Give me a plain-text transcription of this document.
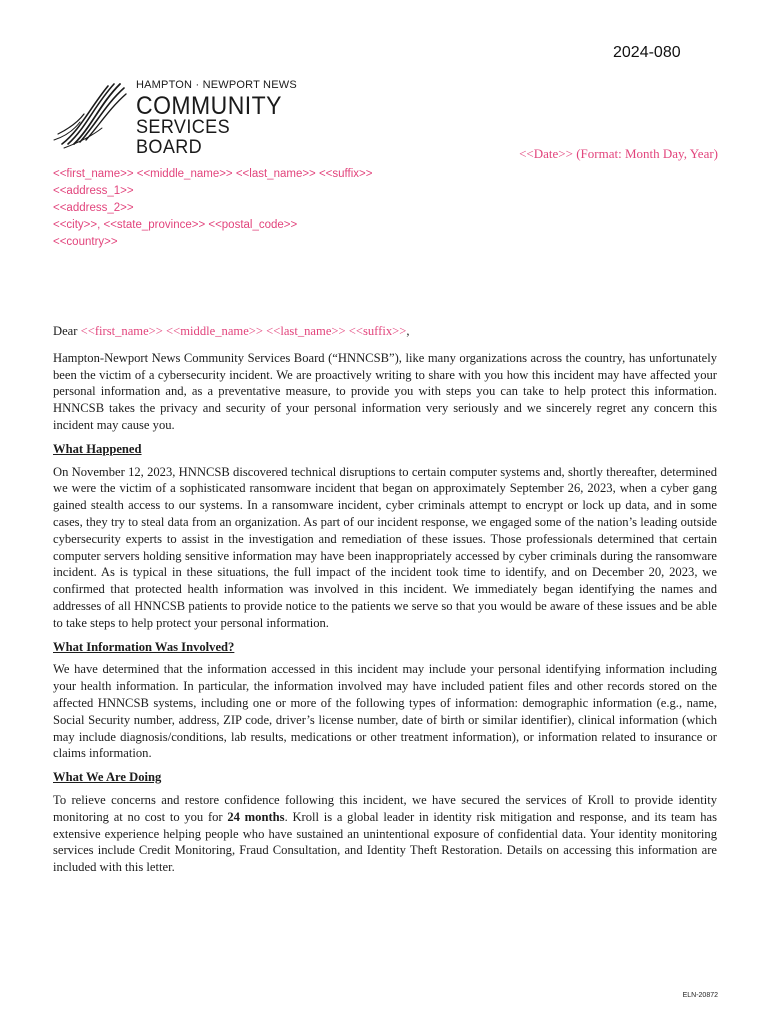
2024-080
HAMPTON · NEWPORT NEWS
COMMUNITY
SERVICES BOARD	<<Date>> (Format: Month Day, Year)
<<first_name>> <<middle_name>> <<last_name>> <<suffix>>
<<address_1>>
<<address_2>>
<<city>>, <<state_province>> <<postal_code>>
<<country>>

Dear <<first_name>> <<middle_name>> <<last_name>> <<suffix>>,

Hampton-Newport News Community Services Board (“HNNCSB”), like many organizations across the country, has unfortunately been the victim of a cybersecurity incident. We are proactively writing to share with you how this incident may have affected your personal information and, as a preventative measure, to provide you with steps you can take to help protect this information. HNNCSB takes the privacy and security of your personal information very seriously and we sincerely regret any concern this incident may cause you.

What Happened

On November 12, 2023, HNNCSB discovered technical disruptions to certain computer systems and, shortly thereafter, determined we were the victim of a sophisticated ransomware incident that began on approximately September 26, 2023, when a cyber gang gained stealth access to our systems. In a ransomware incident, cyber criminals attempt to encrypt or lock up data, and in some cases, they try to steal data from an organization. As part of our incident response, we engaged some of the nation’s leading outside cybersecurity experts to assist in the investigation and remediation of these issues. Those professionals determined that certain computer servers holding sensitive information may have been inappropriately accessed by cyber criminals during the ransomware incident. As is typical in these situations, the full impact of the incident took time to identify, and on December 20, 2023, we confirmed that protected health information was involved in this incident. We immediately began identifying the names and addresses of all HNNCSB patients to provide notice to the patients we serve so that you would be aware of these issues and be able to take steps to help protect your personal information.

What Information Was Involved?

We have determined that the information accessed in this incident may include your personal identifying information including your health information. In particular, the information involved may have included patient files and other records stored on the affected HNNCSB systems, including one or more of the following types of information: demographic information (e.g., name, Social Security number, address, ZIP code, driver’s license number, date of birth or similar identifier), clinical information (which may include diagnosis/conditions, lab results, medications or other treatment information), or information related to insurance or claims information.

What We Are Doing

To relieve concerns and restore confidence following this incident, we have secured the services of Kroll to provide identity monitoring at no cost to you for 24 months. Kroll is a global leader in identity risk mitigation and response, and its team has extensive experience helping people who have sustained an unintentional exposure of confidential data. Your identity monitoring services include Credit Monitoring, Fraud Consultation, and Identity Theft Restoration. Details on accessing this information are included with this letter.

ELN-20872
